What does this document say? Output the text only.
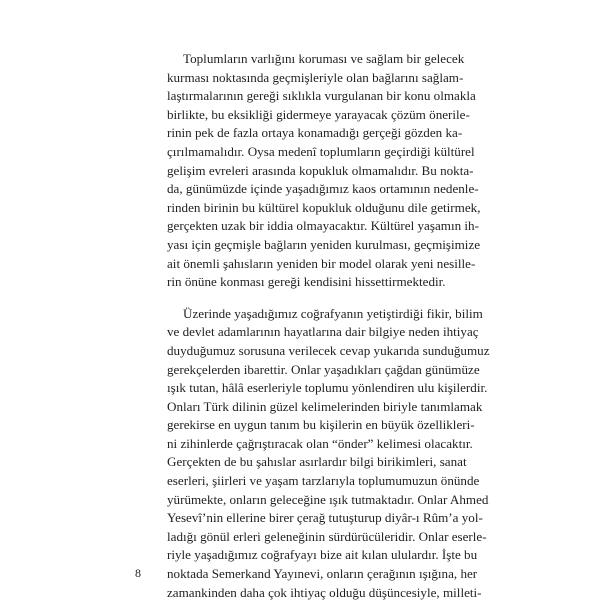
Toplumların varlığını koruması ve sağlam bir gelecek
kurması noktasında geçmişleriyle olan bağlarını sağlam-
laştırmalarının gereği sıklıkla vurgulanan bir konu olmakla
birlikte, bu eksikliği gidermeye yarayacak çözüm önerile-
rinin pek de fazla ortaya konamadığı gerçeği gözden ka-
çırılmamalıdır. Oysa medenî toplumların geçirdiği kültürel
gelişim evreleri arasında kopukluk olmamalıdır. Bu nokta-
da, günümüzde içinde yaşadığımız kaos ortamının nedenle-
rinden birinin bu kültürel kopukluk olduğunu dile getirmek,
gerçekten uzak bir iddia olmayacaktır. Kültürel yaşamın ih-
yası için geçmişle bağların yeniden kurulması, geçmişimize
ait önemli şahısların yeniden bir model olarak yeni nesille-
rin önüne konması gereği kendisini hissettirmektedir.

Üzerinde yaşadığımız coğrafyanın yetiştirdiği fikir, bilim
ve devlet adamlarının hayatlarına dair bilgiye neden ihtiyaç
duyduğumuz sorusuna verilecek cevap yukarıda sunduğumuz
gerekçelerden ibarettir. Onlar yaşadıkları çağdan günümüze
ışık tutan, hâlâ eserleriyle toplumu yönlendiren ulu kişilerdir.
Onları Türk dilinin güzel kelimelerinden biriyle tanımlamak
gerekirse en uygun tanım bu kişilerin en büyük özellikleri-
ni zihinlerde çağrıştıracak olan “önder” kelimesi olacaktır.
Gerçekten de bu şahıslar asırlardır bilgi birikimleri, sanat
eserleri, şiirleri ve yaşam tarzlarıyla toplumumuzun önünde
yürümekte, onların geleceğine ışık tutmaktadır. Onlar Ahmed
Yesevî’nin ellerine birer çerağ tutuşturup diyâr-ı Rûm’a yol-
ladığı gönül erleri geleneğinin sürdürücüleridir. Onlar eserle-
riyle yaşadığımız coğrafyayı bize ait kılan ululardır. İşte bu
noktada Semerkand Yayınevi, onların çerağının ışığına, her
zamankinden daha çok ihtiyaç olduğu düşüncesiyle, milleti-

8
